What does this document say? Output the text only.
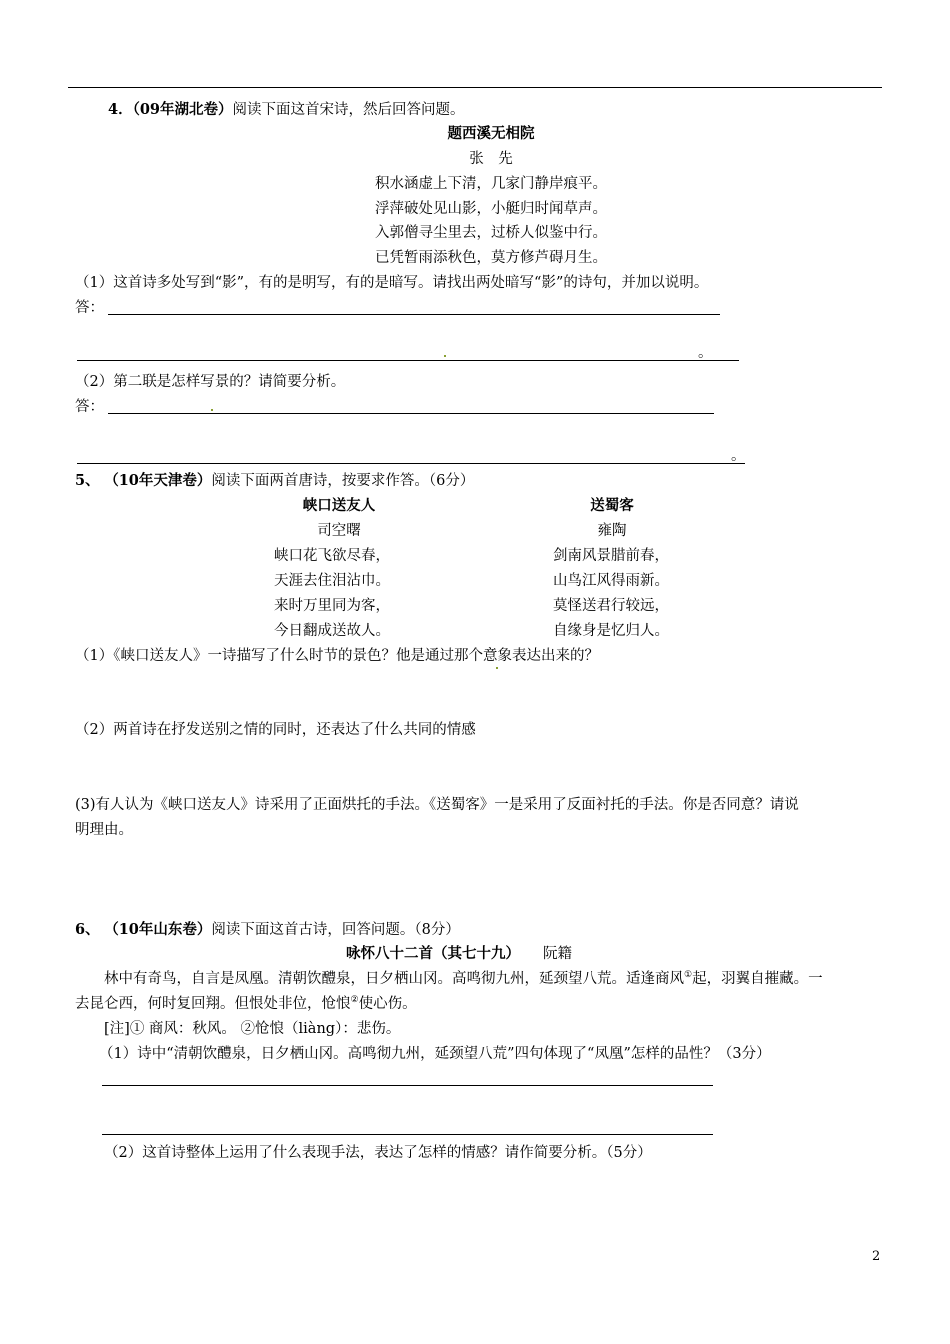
4．（09年湖北卷）阅读下面这首宋诗，然后回答问题。
题西溪无相院
张　先
积水涵虚上下清，几家门静岸痕平。
浮萍破处见山影，小艇归时闻草声。
入郭僧寻尘里去，过桥人似鉴中行。
已凭暂雨添秋色，莫方修芦碍月生。
（1）这首诗多处写到“影”，有的是明写，有的是暗写。请找出两处暗写“影”的诗句，并加以说明。
答：
。
（2）第二联是怎样写景的？请简要分析。
答：
。
5、 （10年天津卷）阅读下面两首唐诗，按要求作答。（6分）
峡口送友人
司空曙
峡口花飞欲尽春，
天涯去住泪沾巾。
来时万里同为客，
今日翻成送故人。
送蜀客
雍陶
剑南风景腊前春，
山鸟江风得雨新。
莫怪送君行较远，
自缘身是忆归人。
（1）《峡口送友人》一诗描写了什么时节的景色？他是通过那个意象表达出来的？
（2）两首诗在抒发送别之情的同时，还表达了什么共同的情感
(3)有人认为《峡口送友人》诗采用了正面烘托的手法。《送蜀客》一是采用了反面衬托的手法。你是否同意？请说
明理由。
6、 （10年山东卷）阅读下面这首古诗，回答问题。（8分）
咏怀八十二首（其七十九） 阮籍
林中有奇鸟，自言是凤凰。清朝饮醴泉，日夕栖山冈。高鸣彻九州，延颈望八荒。适逢商风①起，羽翼自摧藏。一
去昆仑西，何时复回翔。但恨处非位，怆悢②使心伤。
[注]① 商风：秋风。 ②怆悢（liàng）：悲伤。
（1）诗中“清朝饮醴泉，日夕栖山冈。高鸣彻九州，延颈望八荒”四句体现了“凤凰”怎样的品性？（3分）
（2）这首诗整体上运用了什么表现手法，表达了怎样的情感？请作简要分析。（5分）
2
